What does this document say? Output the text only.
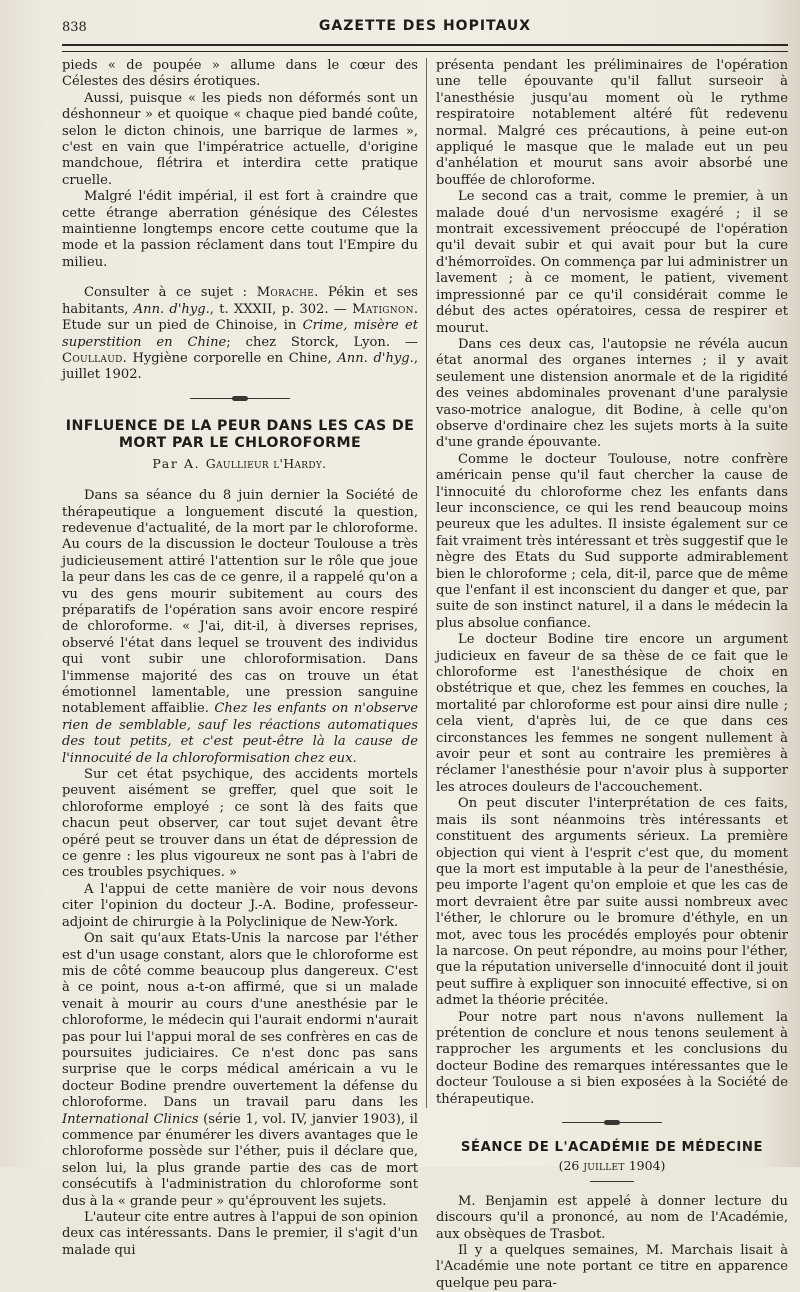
838	GAZETTE DES HOPITAUX

pieds « de poupée » allume dans le cœur des Célestes des désirs érotiques.

Aussi, puisque « les pieds non déformés sont un déshonneur » et quoique « chaque pied bandé coûte, selon le dicton chinois, une barrique de larmes », c'est en vain que l'impératrice actuelle, d'origine mandchoue, flétrira et interdira cette pratique cruelle.

Malgré l'édit impérial, il est fort à craindre que cette étrange aberration génésique des Célestes maintienne longtemps encore cette coutume que la mode et la passion réclament dans tout l'Empire du milieu.

Consulter à ce sujet : Morache. Pékin et ses habitants, Ann. d'hyg., t. XXXII, p. 302. — Matignon. Etude sur un pied de Chinoise, in Crime, misère et superstition en Chine; chez Storck, Lyon. — Coullaud. Hygiène corporelle en Chine, Ann. d'hyg., juillet 1902.

INFLUENCE DE LA PEUR DANS LES CAS DE MORT PAR LE CHLOROFORME
Par A. Gaullieur l'Hardy.

Dans sa séance du 8 juin dernier la Société de thérapeutique a longuement discuté la question, redevenue d'actualité, de la mort par le chloroforme. Au cours de la discussion le docteur Toulouse a très judicieusement attiré l'attention sur le rôle que joue la peur dans les cas de ce genre, il a rappelé qu'on a vu des gens mourir subitement au cours des préparatifs de l'opération sans avoir encore respiré de chloroforme. « J'ai, dit-il, à diverses reprises, observé l'état dans lequel se trouvent des individus qui vont subir une chloroformisation. Dans l'immense majorité des cas on trouve un état émotionnel lamentable, une pression sanguine notablement affaiblie. Chez les enfants on n'observe rien de semblable, sauf les réactions automatiques des tout petits, et c'est peut-être là la cause de l'innocuité de la chloroformisation chez eux.

Sur cet état psychique, des accidents mortels peuvent aisément se greffer, quel que soit le chloroforme employé ; ce sont là des faits que chacun peut observer, car tout sujet devant être opéré peut se trouver dans un état de dépression de ce genre : les plus vigoureux ne sont pas à l'abri de ces troubles psychiques. »

A l'appui de cette manière de voir nous devons citer l'opinion du docteur J.-A. Bodine, professeur-adjoint de chirurgie à la Polyclinique de New-York.

On sait qu'aux Etats-Unis la narcose par l'éther est d'un usage constant, alors que le chloroforme est mis de côté comme beaucoup plus dangereux. C'est à ce point, nous a-t-on affirmé, que si un malade venait à mourir au cours d'une anesthésie par le chloroforme, le médecin qui l'aurait endormi n'aurait pas pour lui l'appui moral de ses confrères en cas de poursuites judiciaires. Ce n'est donc pas sans surprise que le corps médical américain a vu le docteur Bodine prendre ouvertement la défense du chloroforme. Dans un travail paru dans les International Clinics (série 1, vol. IV, janvier 1903), il commence par énumérer les divers avantages que le chloroforme possède sur l'éther, puis il déclare que, selon lui, la plus grande partie des cas de mort consécutifs à l'administration du chloroforme sont dus à la « grande peur » qu'éprouvent les sujets.

L'auteur cite entre autres à l'appui de son opinion deux cas intéressants. Dans le premier, il s'agit d'un malade qui

présenta pendant les préliminaires de l'opération une telle épouvante qu'il fallut surseoir à l'anesthésie jusqu'au moment où le rythme respiratoire notablement altéré fût redevenu normal. Malgré ces précautions, à peine eut-on appliqué le masque que le malade eut un peu d'anhélation et mourut sans avoir absorbé une bouffée de chloroforme.

Le second cas a trait, comme le premier, à un malade doué d'un nervosisme exagéré ; il se montrait excessivement préoccupé de l'opération qu'il devait subir et qui avait pour but la cure d'hémorroïdes. On commença par lui administrer un lavement ; à ce moment, le patient, vivement impressionné par ce qu'il considérait comme le début des actes opératoires, cessa de respirer et mourut.

Dans ces deux cas, l'autopsie ne révéla aucun état anormal des organes internes ; il y avait seulement une distension anormale et de la rigidité des veines abdominales provenant d'une paralysie vaso-motrice analogue, dit Bodine, à celle qu'on observe d'ordinaire chez les sujets morts à la suite d'une grande épouvante.

Comme le docteur Toulouse, notre confrère américain pense qu'il faut chercher la cause de l'innocuité du chloroforme chez les enfants dans leur inconscience, ce qui les rend beaucoup moins peureux que les adultes. Il insiste également sur ce fait vraiment très intéressant et très suggestif que le nègre des Etats du Sud supporte admirablement bien le chloroforme ; cela, dit-il, parce que de même que l'enfant il est inconscient du danger et que, par suite de son instinct naturel, il a dans le médecin la plus absolue confiance.

Le docteur Bodine tire encore un argument judicieux en faveur de sa thèse de ce fait que le chloroforme est l'anesthésique de choix en obstétrique et que, chez les femmes en couches, la mortalité par chloroforme est pour ainsi dire nulle ; cela vient, d'après lui, de ce que dans ces circonstances les femmes ne songent nullement à avoir peur et sont au contraire les premières à réclamer l'anesthésie pour n'avoir plus à supporter les atroces douleurs de l'accouchement.

On peut discuter l'interprétation de ces faits, mais ils sont néanmoins très intéressants et constituent des arguments sérieux. La première objection qui vient à l'esprit c'est que, du moment que la mort est imputable à la peur de l'anesthésie, peu importe l'agent qu'on emploie et que les cas de mort devraient être par suite aussi nombreux avec l'éther, le chlorure ou le bromure d'éthyle, en un mot, avec tous les procédés employés pour obtenir la narcose. On peut répondre, au moins pour l'éther, que la réputation universelle d'innocuité dont il jouit peut suffire à expliquer son innocuité effective, si on admet la théorie précitée.

Pour notre part nous n'avons nullement la prétention de conclure et nous tenons seulement à rapprocher les arguments et les conclusions du docteur Bodine des remarques intéressantes que le docteur Toulouse a si bien exposées à la Société de thérapeutique.

SÉANCE DE L'ACADÉMIE DE MÉDECINE
(26 juillet 1904)

M. Benjamin est appelé à donner lecture du discours qu'il a prononcé, au nom de l'Académie, aux obsèques de Trasbot.

Il y a quelques semaines, M. Marchais lisait à l'Académie une note portant ce titre en apparence quelque peu para-
